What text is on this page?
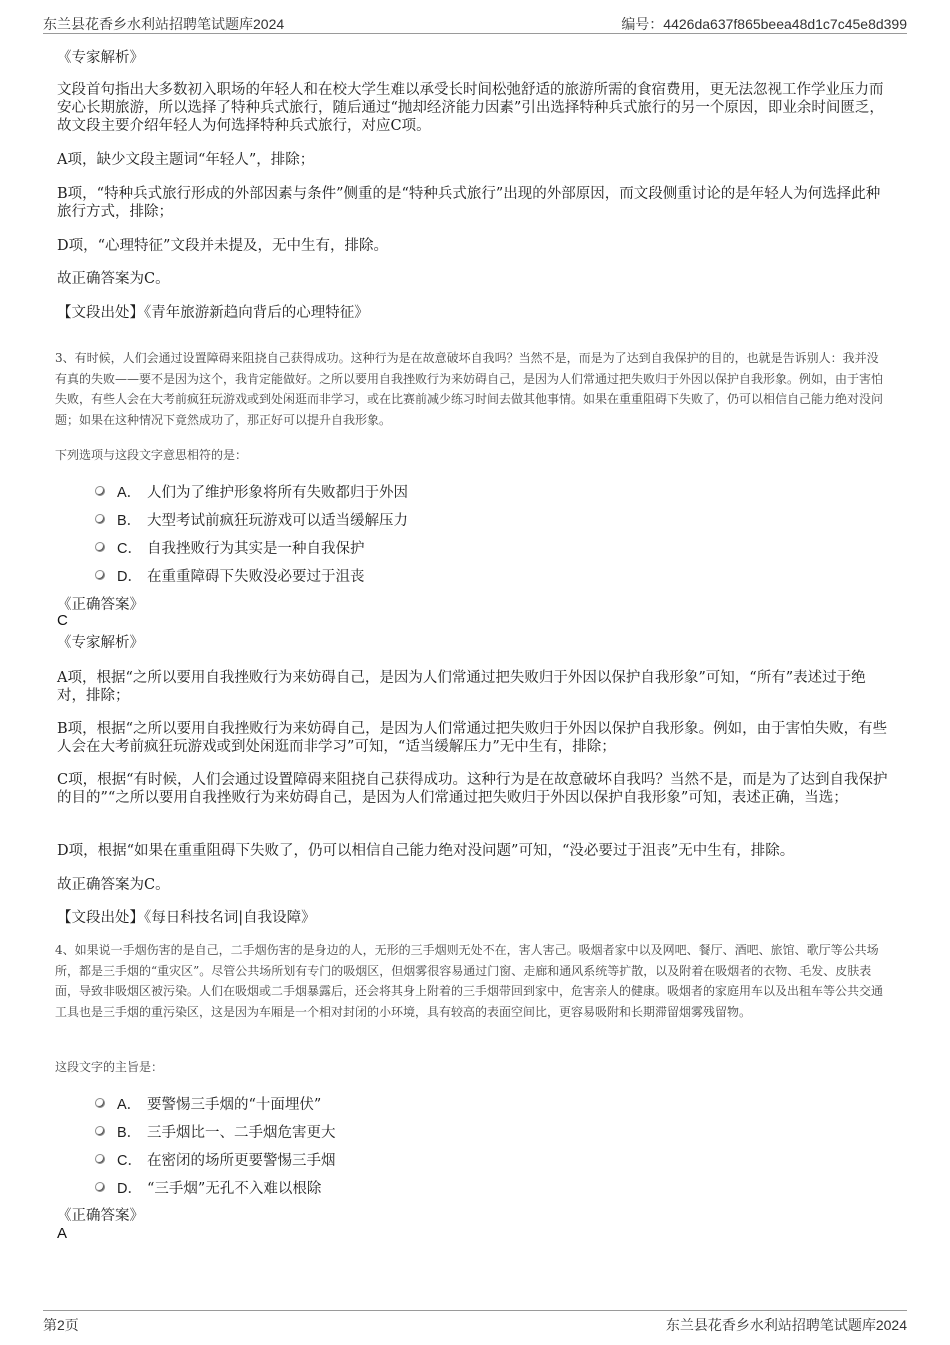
东兰县花香乡水利站招聘笔试题库2024	编号：4426da637f865beea48d1c7c45e8d399
《专家解析》
文段首句指出大多数初入职场的年轻人和在校大学生难以承受长时间松弛舒适的旅游所需的食宿费用，更无法忽视工作学业压力而安心长期旅游，所以选择了特种兵式旅行，随后通过“抛却经济能力因素”引出选择特种兵式旅行的另一个原因，即业余时间匮乏，故文段主要介绍年轻人为何选择特种兵式旅行，对应C项。
A项，缺少文段主题词“年轻人”，排除；
B项，“特种兵式旅行形成的外部因素与条件”侧重的是“特种兵式旅行”出现的外部原因，而文段侧重讨论的是年轻人为何选择此种旅行方式，排除；
D项，“心理特征”文段并未提及，无中生有，排除。
故正确答案为C。
【文段出处】《青年旅游新趋向背后的心理特征》
3、有时候，人们会通过设置障碍来阻挠自己获得成功。这种行为是在故意破坏自我吗？当然不是，而是为了达到自我保护的目的，也就是告诉别人：我并没有真的失败——要不是因为这个，我肯定能做好。之所以要用自我挫败行为来妨碍自己，是因为人们常通过把失败归于外因以保护自我形象。例如，由于害怕失败，有些人会在大考前疯狂玩游戏或到处闲逛而非学习，或在比赛前减少练习时间去做其他事情。如果在重重阻碍下失败了，仍可以相信自己能力绝对没问题；如果在这种情况下竟然成功了，那正好可以提升自我形象。
下列选项与这段文字意思相符的是：
A． 人们为了维护形象将所有失败都归于外因
B． 大型考试前疯狂玩游戏可以适当缓解压力
C． 自我挫败行为其实是一种自我保护
D． 在重重障碍下失败没必要过于沮丧
《正确答案》
C
《专家解析》
A项，根据“之所以要用自我挫败行为来妨碍自己，是因为人们常通过把失败归于外因以保护自我形象”可知，“所有”表述过于绝对，排除；
B项，根据“之所以要用自我挫败行为来妨碍自己，是因为人们常通过把失败归于外因以保护自我形象。例如，由于害怕失败，有些人会在大考前疯狂玩游戏或到处闲逛而非学习”可知，“适当缓解压力”无中生有，排除；
C项，根据“有时候，人们会通过设置障碍来阻挠自己获得成功。这种行为是在故意破坏自我吗？当然不是，而是为了达到自我保护的目的”“之所以要用自我挫败行为来妨碍自己，是因为人们常通过把失败归于外因以保护自我形象”可知，表述正确，当选；
D项，根据“如果在重重阻碍下失败了，仍可以相信自己能力绝对没问题”可知，“没必要过于沮丧”无中生有，排除。
故正确答案为C。
【文段出处】《每日科技名词|自我设障》
4、如果说一手烟伤害的是自己，二手烟伤害的是身边的人，无形的三手烟则无处不在，害人害己。吸烟者家中以及网吧、餐厅、酒吧、旅馆、歌厅等公共场所，都是三手烟的“重灾区”。尽管公共场所划有专门的吸烟区，但烟雾很容易通过门窗、走廊和通风系统等扩散，以及附着在吸烟者的衣物、毛发、皮肤表面，导致非吸烟区被污染。人们在吸烟或二手烟暴露后，还会将其身上附着的三手烟带回到家中，危害亲人的健康。吸烟者的家庭用车以及出租车等公共交通工具也是三手烟的重污染区，这是因为车厢是一个相对封闭的小环境，具有较高的表面空间比，更容易吸附和长期滞留烟雾残留物。
这段文字的主旨是：
A． 要警惕三手烟的“十面埋伏”
B． 三手烟比一、二手烟危害更大
C． 在密闭的场所更要警惕三手烟
D． “三手烟”无孔不入难以根除
《正确答案》
A
第2页	东兰县花香乡水利站招聘笔试题库2024
